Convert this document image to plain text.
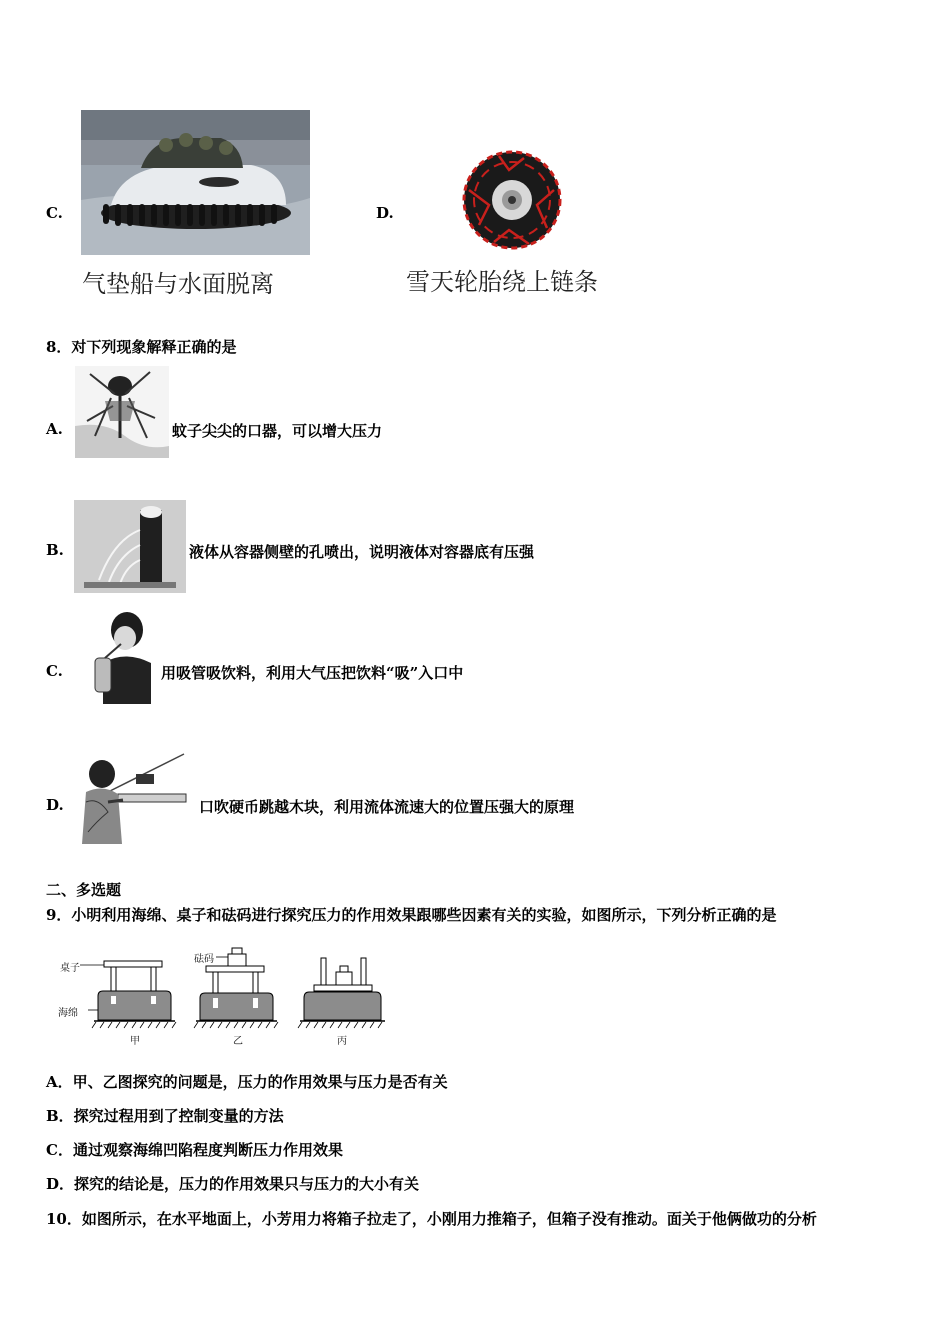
C.
气垫船与水面脱离
D.
雪天轮胎绕上链条
8．对下列现象解释正确的是
A.	蚊子尖尖的口器，可以增大压力
B.	液体从容器侧壁的孔喷出，说明液体对容器底有压强
C.	用吸管吸饮料，利用大气压把饮料“吸”入口中
D.	口吹硬币跳越木块，利用流体流速大的位置压强大的原理
二、多选题
9．小明利用海绵、桌子和砝码进行探究压力的作用效果跟哪些因素有关的实验，如图所示，下列分析正确的是
桌子
海绵
砝码
甲	乙	丙
A．甲、乙图探究的问题是，压力的作用效果与压力是否有关
B．探究过程用到了控制变量的方法
C．通过观察海绵凹陷程度判断压力作用效果
D．探究的结论是，压力的作用效果只与压力的大小有关
10．如图所示，在水平地面上，小芳用力将箱子拉走了，小刚用力推箱子，但箱子没有推动。面关于他俩做功的分析
